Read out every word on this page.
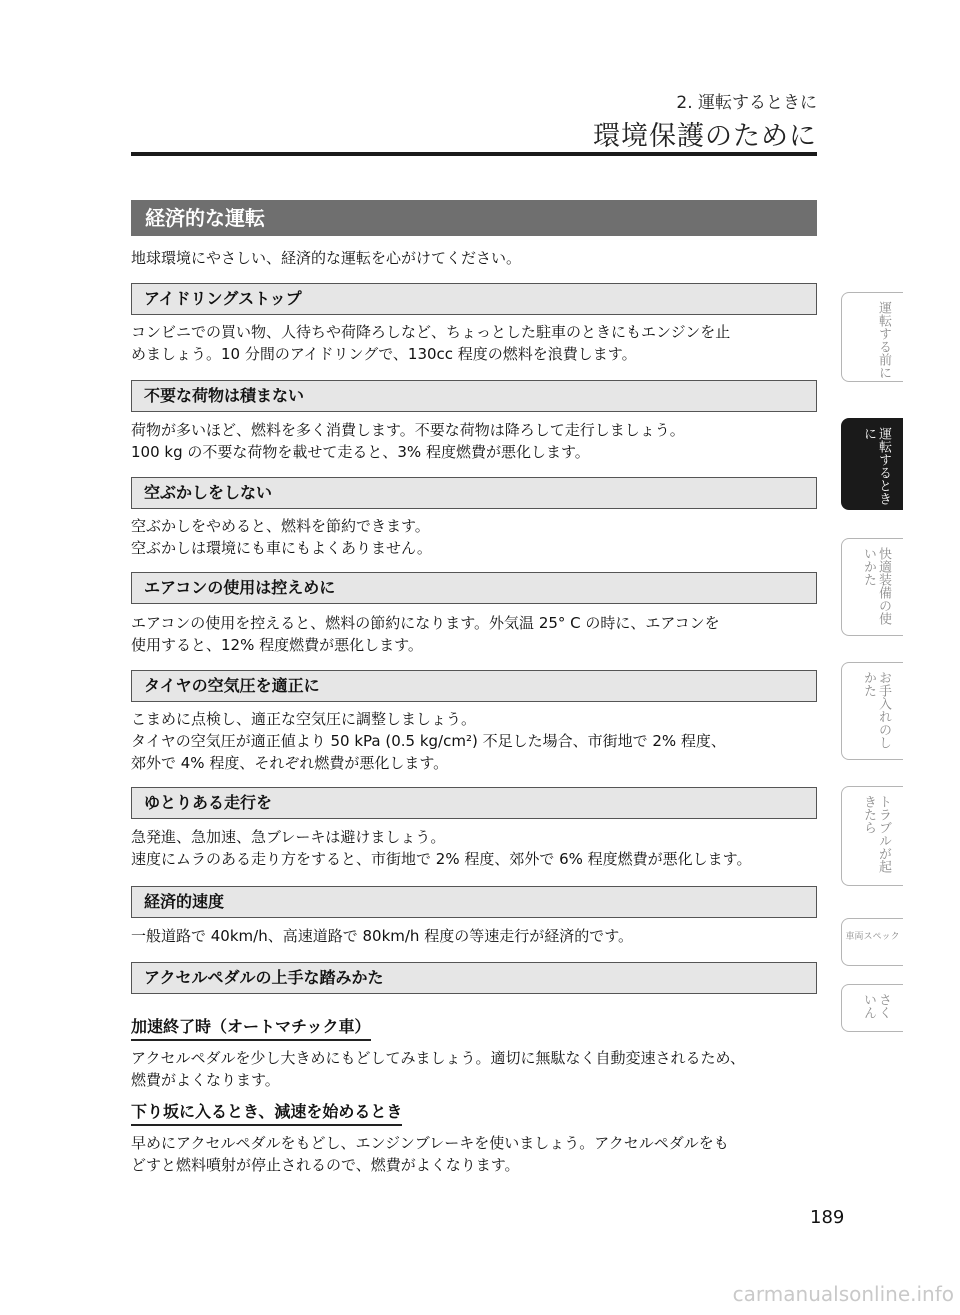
2. 運転するときに
環境保護のために
経済的な運転
地球環境にやさしい、経済的な運転を心がけてください。
アイドリングストップ

コンビニでの買い物、人待ちや荷降ろしなど、ちょっとした駐車のときにもエンジンを止

めましょう。10 分間のアイドリングで、130cc 程度の燃料を浪費します。

不要な荷物は積まない

荷物が多いほど、燃料を多く消費します。不要な荷物は降ろして走行しましょう。

100 kg の不要な荷物を載せて走ると、3% 程度燃費が悪化します。

空ぶかしをしない

空ぶかしをやめると、燃料を節約できます。

空ぶかしは環境にも車にもよくありません。

エアコンの使用は控えめに

エアコンの使用を控えると、燃料の節約になります。外気温 25° C の時に、エアコンを

使用すると、12% 程度燃費が悪化します。

タイヤの空気圧を適正に

こまめに点検し、適正な空気圧に調整しましょう。

タイヤの空気圧が適正値より 50 kPa (0.5 kg/cm²) 不足した場合、市街地で 2% 程度、

郊外で 4% 程度、それぞれ燃費が悪化します。

ゆとりある走行を

急発進、急加速、急ブレーキは避けましょう。

速度にムラのある走り方をすると、市街地で 2% 程度、郊外で 6% 程度燃費が悪化します。

経済的速度

一般道路で 40km/h、高速道路で 80km/h 程度の等速走行が経済的です。

アクセルペダルの上手な踏みかた
加速終了時（オートマチック車）

アクセルペダルを少し大きめにもどしてみましょう。適切に無駄なく自動変速されるため、

燃費がよくなります。

下り坂に入るとき、減速を始めるとき

早めにアクセルペダルをもどし、エンジンブレーキを使いましょう。アクセルペダルをも

どすと燃料噴射が停止されるので、燃費がよくなります。

189
運転する前に
運転するときに
快適装備の使いかた
お手入れのしかた
トラブルが起きたら
車両スペック
さくいん
carmanualsonline.info
